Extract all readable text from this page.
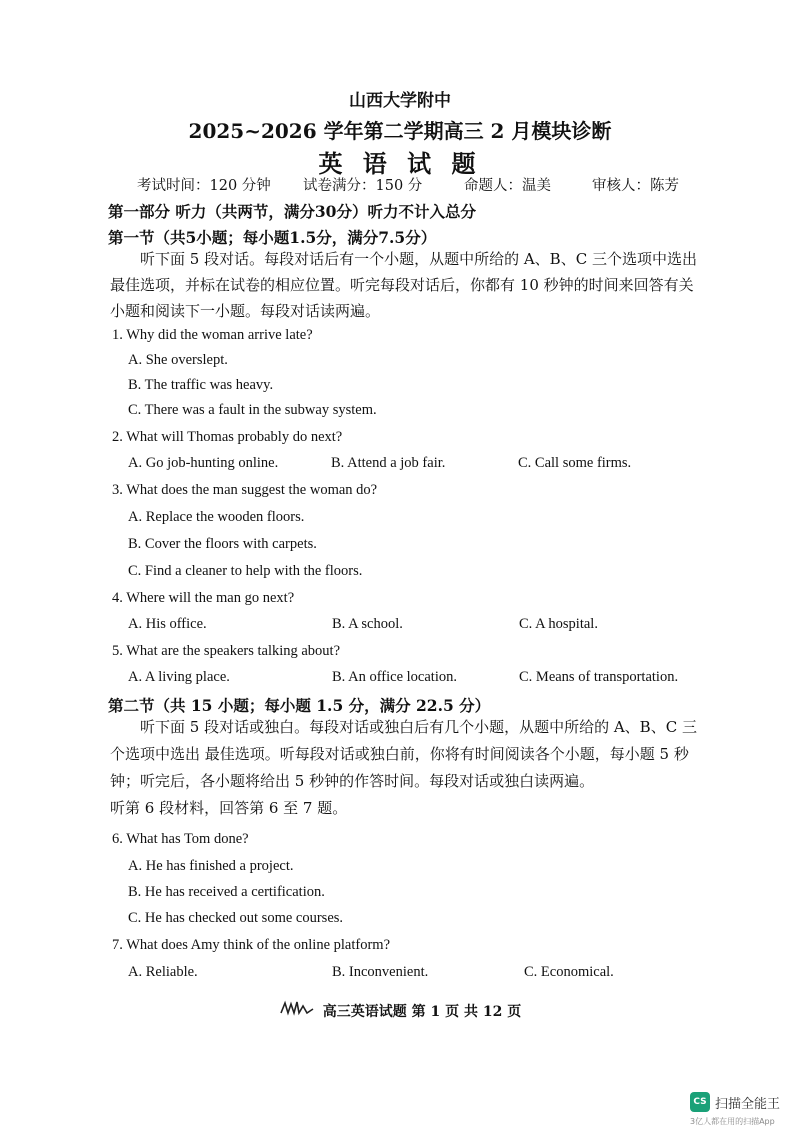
山西大学附中
2025~2026 学年第二学期高三 2 月模块诊断
英 语 试 题
考试时间：120 分钟 试卷满分：150 分	命题人：温美	审核人：陈芳
第一部分 听力（共两节，满分30分）听力不计入总分
第一节（共5小题；每小题1.5分，满分7.5分）
听下面 5 段对话。每段对话后有一个小题，从题中所给的 A、B、C 三个选项中选出
最佳选项，并标在试卷的相应位置。听完每段对话后，你都有 10 秒钟的时间来回答有关
小题和阅读下一小题。每段对话读两遍。
1. Why did the woman arrive late?
A. She overslept.
B. The traffic was heavy.
C. There was a fault in the subway system.
2. What will Thomas probably do next?
A. Go job-hunting online.	B. Attend a job fair.	C. Call some firms.
3. What does the man suggest the woman do?
A. Replace the wooden floors.
B. Cover the floors with carpets.
C. Find a cleaner to help with the floors.
4. Where will the man go next?
A. His office.	B. A school.	C. A hospital.
5. What are the speakers talking about?
A. A living place.	B. An office location.	C. Means of transportation.
第二节（共 15 小题；每小题 1.5 分，满分 22.5 分）
听下面 5 段对话或独白。每段对话或独白后有几个小题，从题中所给的 A、B、C 三
个选项中选出 最佳选项。听每段对话或独白前，你将有时间阅读各个小题，每小题 5 秒
钟；听完后，各小题将给出 5 秒钟的作答时间。每段对话或独白读两遍。
听第 6 段材料，回答第 6 至 7 题。
6. What has Tom done?
A. He has finished a project.
B. He has received a certification.
C. He has checked out some courses.
7. What does Amy think of the online platform?
A. Reliable.	B. Inconvenient.	C. Economical.
高三英语试题 第 1 页 共 12 页
CS 扫描全能王
3亿人都在用的扫描App
